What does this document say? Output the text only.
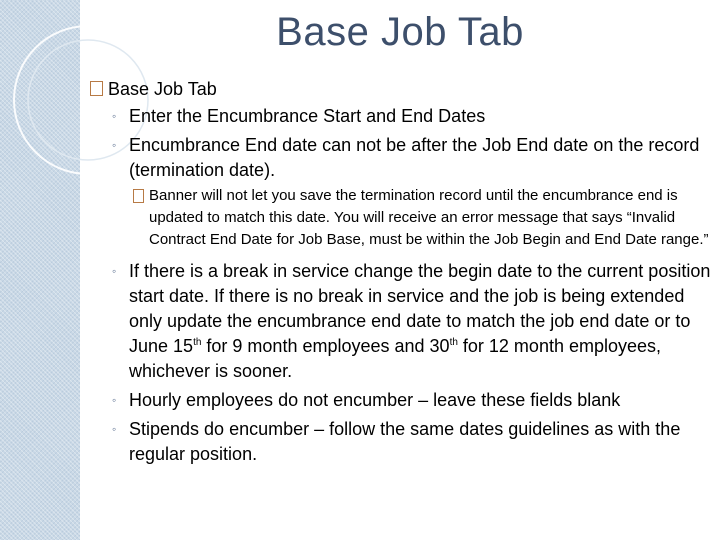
Base Job Tab
Base Job Tab
◦ Enter the Encumbrance Start and End Dates
◦ Encumbrance End date can not be after the Job End date on the record (termination date).
Banner will not let you save the termination record until the encumbrance end is updated to match this date. You will receive an error message that says “Invalid Contract End Date for Job Base, must be within the Job Begin and End Date range.”
◦ If there is a break in service change the begin date to the current position start date. If there is no break in service and the job is being extended only update the encumbrance end date to match the job end date or to June 15th for 9 month employees and 30th for 12 month employees, whichever is sooner.
◦ Hourly employees do not encumber – leave these fields blank
◦ Stipends do encumber – follow the same dates guidelines as with the regular position.
